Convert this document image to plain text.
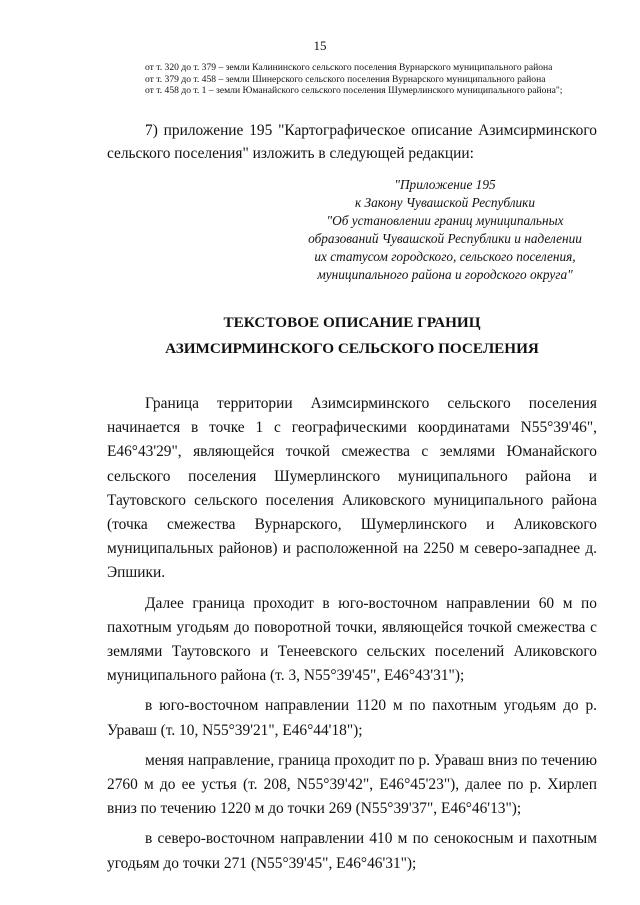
15
от т. 320 до т. 379 – земли Калининского сельского поселения Вурнарского муниципального района
от т. 379 до т. 458 – земли Шинерского сельского поселения Вурнарского муниципального района
от т. 458 до т. 1 – земли Юманайского сельского поселения Шумерлинского муниципального района";
7) приложение 195 "Картографическое описание Азимсирминского сельского поселения" изложить в следующей редакции:
"Приложение 195
к Закону Чувашской Республики
"Об установлении границ муниципальных
образований Чувашской Республики и наделении
их статусом городского, сельского поселения,
муниципального района и городского округа"
ТЕКСТОВОЕ ОПИСАНИЕ ГРАНИЦ
АЗИМСИРМИНСКОГО СЕЛЬСКОГО ПОСЕЛЕНИЯ

Граница территории Азимсирминского сельского поселения начинается в точке 1 с географическими координатами N55°39'46", E46°43'29", являющейся точкой смежества с землями Юманайского сельского поселения Шумерлинского муниципального района и Таутовского сельского поселения Аликовского муниципального района (точка смежества Вурнарского, Шумерлинского и Аликовского муниципальных районов) и расположенной на 2250 м северо-западнее д. Эпшики.

Далее граница проходит в юго-восточном направлении 60 м по пахотным угодьям до поворотной точки, являющейся точкой смежества с землями Таутовского и Тенеевского сельских поселений Аликовского муниципального района (т. 3, N55°39'45", E46°43'31");

в юго-восточном направлении 1120 м по пахотным угодьям до р. Ураваш (т. 10, N55°39'21", E46°44'18");

меняя направление, граница проходит по р. Ураваш вниз по течению 2760 м до ее устья (т. 208, N55°39'42", E46°45'23"), далее по р. Хирлеп вниз по течению 1220 м до точки 269 (N55°39'37", E46°46'13");

в северо-восточном направлении 410 м по сенокосным и пахотным угодьям до точки 271 (N55°39'45", E46°46'31");
